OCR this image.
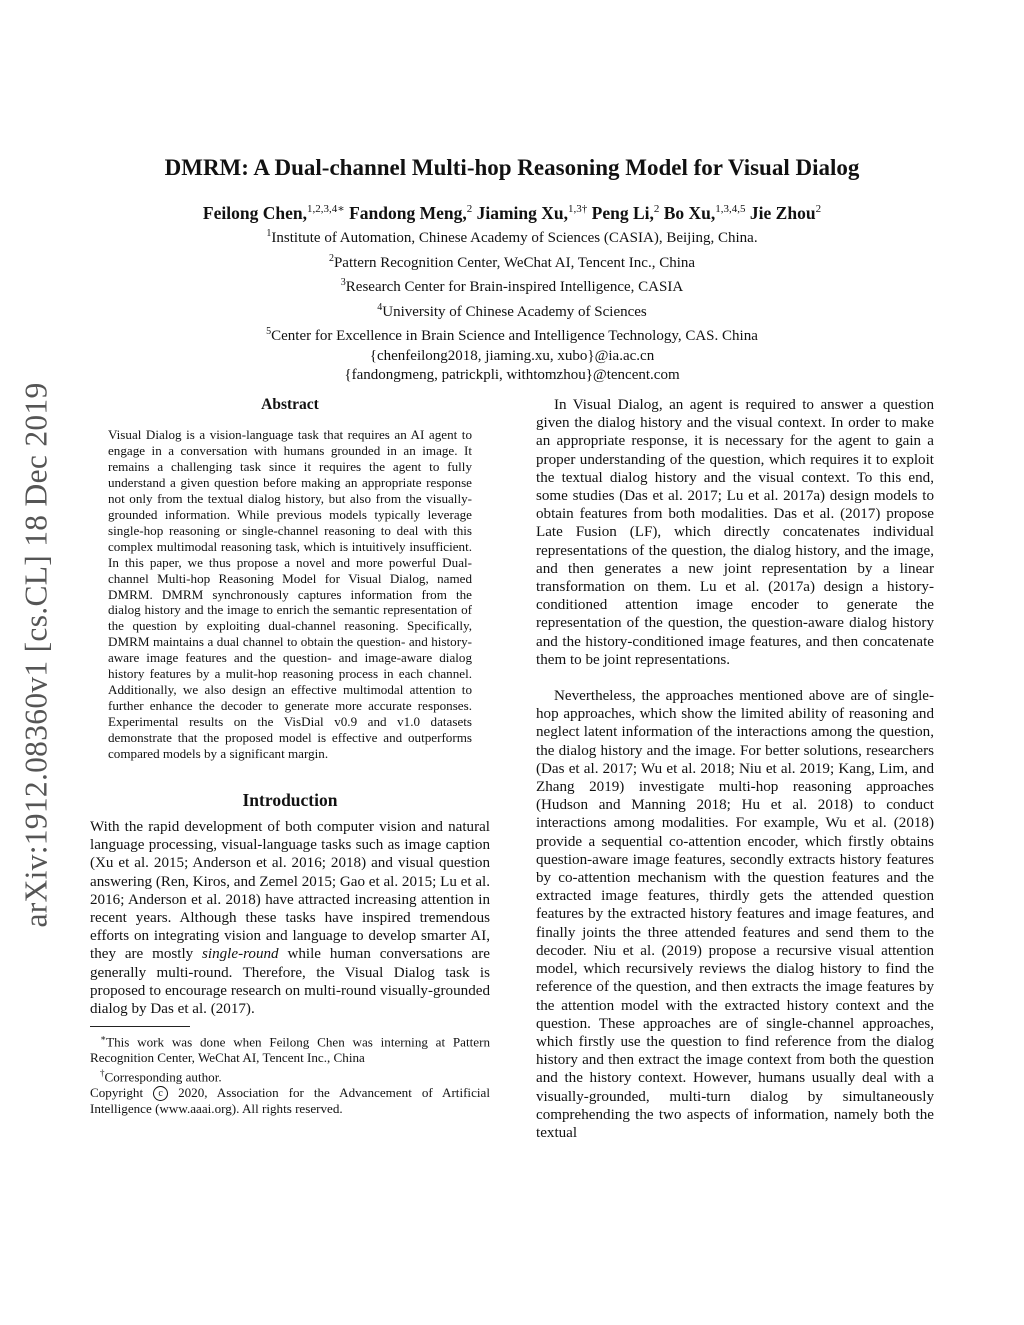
arXiv:1912.08360v1 [cs.CL] 18 Dec 2019
DMRM: A Dual-channel Multi-hop Reasoning Model for Visual Dialog
Feilong Chen,$^{1,2,3,4∗}$ Fandong Meng,$^2$ Jiaming Xu,$^{1,3\dagger}$ Peng Li,$^2$ Bo Xu,$^{1,3,4,5}$ Jie Zhou$^2$
$^1$Institute of Automation, Chinese Academy of Sciences (CASIA), Beijing, China.
$^2$Pattern Recognition Center, WeChat AI, Tencent Inc., China
$^3$Research Center for Brain-inspired Intelligence, CASIA
$^4$University of Chinese Academy of Sciences
$^5$Center for Excellence in Brain Science and Intelligence Technology, CAS. China
{chenfeilong2018, jiaming.xu, xubo}@ia.ac.cn
{fandongmeng, patrickpli, withtomzhou}@tencent.com
Abstract

Visual Dialog is a vision-language task that requires an AI agent to engage in a conversation with humans grounded in an image. It remains a challenging task since it requires the agent to fully understand a given question before making an appropriate response not only from the textual dialog history, but also from the visually-grounded information. While previous models typically leverage single-hop reasoning or single-channel reasoning to deal with this complex multimodal reasoning task, which is intuitively insufficient. In this paper, we thus propose a novel and more powerful Dual-channel Multi-hop Reasoning Model for Visual Dialog, named DMRM. DMRM synchronously captures information from the dialog history and the image to enrich the semantic representation of the question by exploiting dual-channel reasoning. Specifically, DMRM maintains a dual channel to obtain the question- and history-aware image features and the question- and image-aware dialog history features by a mulit-hop reasoning process in each channel. Additionally, we also design an effective multimodal attention to further enhance the decoder to generate more accurate responses. Experimental results on the VisDial v0.9 and v1.0 datasets demonstrate that the proposed model is effective and outperforms compared models by a significant margin.

Introduction

With the rapid development of both computer vision and natural language processing, visual-language tasks such as image caption (Xu et al. 2015; Anderson et al. 2016; 2018) and visual question answering (Ren, Kiros, and Zemel 2015; Gao et al. 2015; Lu et al. 2016; Anderson et al. 2018) have attracted increasing attention in recent years. Although these tasks have inspired tremendous efforts on integrating vision and language to develop smarter AI, they are mostly single-round while human conversations are generally multi-round. Therefore, the Visual Dialog task is proposed to encourage research on multi-round visually-grounded dialog by Das et al. (2017).

∗This work was done when Feilong Chen was interning at Pattern Recognition Center, WeChat AI, Tencent Inc., China

†Corresponding author.

Copyright c 2020, Association for the Advancement of Artificial Intelligence (www.aaai.org). All rights reserved.

In Visual Dialog, an agent is required to answer a question given the dialog history and the visual context. In order to make an appropriate response, it is necessary for the agent to gain a proper understanding of the question, which requires it to exploit the textual dialog history and the visual context. To this end, some studies (Das et al. 2017; Lu et al. 2017a) design models to obtain features from both modalities. Das et al. (2017) propose Late Fusion (LF), which directly concatenates individual representations of the question, the dialog history, and the image, and then generates a new joint representation by a linear transformation on them. Lu et al. (2017a) design a history-conditioned attention image encoder to generate the representation of the question, the question-aware dialog history and the history-conditioned image features, and then concatenate them to be joint representations.

Nevertheless, the approaches mentioned above are of single-hop approaches, which show the limited ability of reasoning and neglect latent information of the interactions among the question, the dialog history and the image. For better solutions, researchers (Das et al. 2017; Wu et al. 2018; Niu et al. 2019; Kang, Lim, and Zhang 2019) investigate multi-hop reasoning approaches (Hudson and Manning 2018; Hu et al. 2018) to conduct interactions among modalities. For example, Wu et al. (2018) provide a sequential co-attention encoder, which firstly obtains question-aware image features, secondly extracts history features by co-attention mechanism with the question features and the extracted image features, thirdly gets the attended question features by the extracted history features and image features, and finally joints the three attended features and send them to the decoder. Niu et al. (2019) propose a recursive visual attention model, which recursively reviews the dialog history to find the reference of the question, and then extracts the image features by the attention model with the extracted history context and the question. These approaches are of single-channel approaches, which firstly use the question to find reference from the dialog history and then extract the image context from both the question and the history context. However, humans usually deal with a visually-grounded, multi-turn dialog by simultaneously comprehending the two aspects of information, namely both the textual
